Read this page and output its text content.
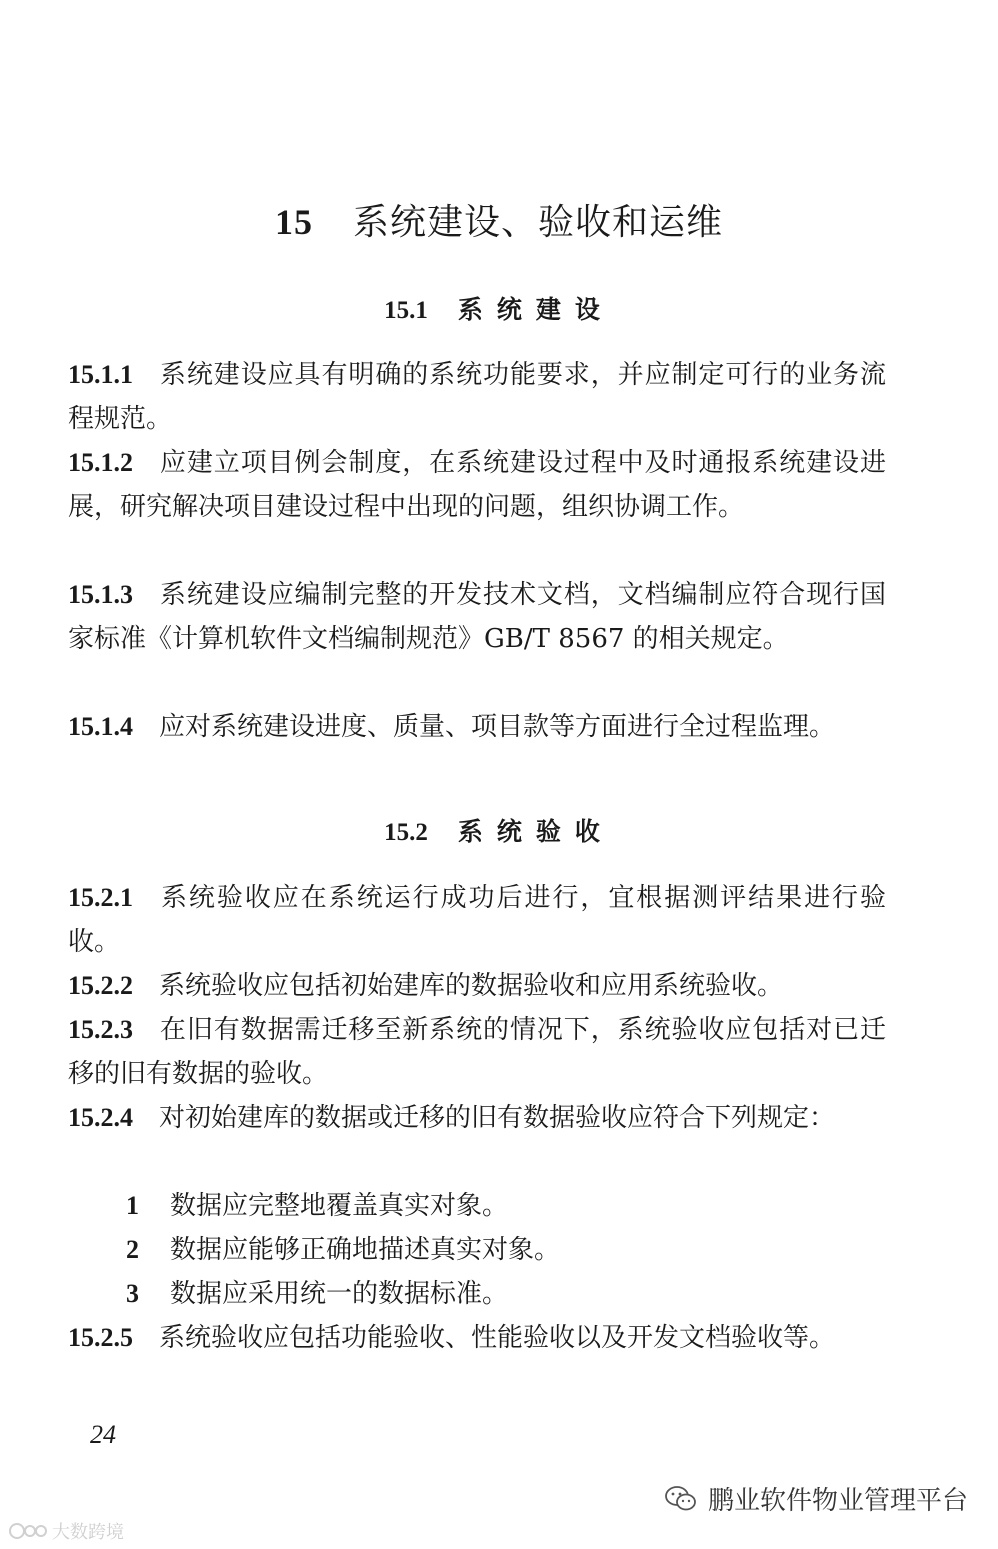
15 系统建设、验收和运维
15.1 系统建设
15.1.1 系统建设应具有明确的系统功能要求，并应制定可行的业务流程规范。
15.1.2 应建立项目例会制度，在系统建设过程中及时通报系统建设进展，研究解决项目建设过程中出现的问题，组织协调工作。
15.1.3 系统建设应编制完整的开发技术文档，文档编制应符合现行国家标准《计算机软件文档编制规范》GB/T 8567 的相关规定。
15.1.4 应对系统建设进度、质量、项目款等方面进行全过程监理。
15.2 系统验收
15.2.1 系统验收应在系统运行成功后进行，宜根据测评结果进行验收。
15.2.2 系统验收应包括初始建库的数据验收和应用系统验收。
15.2.3 在旧有数据需迁移至新系统的情况下，系统验收应包括对已迁移的旧有数据的验收。
15.2.4 对初始建库的数据或迁移的旧有数据验收应符合下列规定：
1 数据应完整地覆盖真实对象。
2 数据应能够正确地描述真实对象。
3 数据应采用统一的数据标准。
15.2.5 系统验收应包括功能验收、性能验收以及开发文档验收等。
24
鹏业软件物业管理平台
大数跨境
